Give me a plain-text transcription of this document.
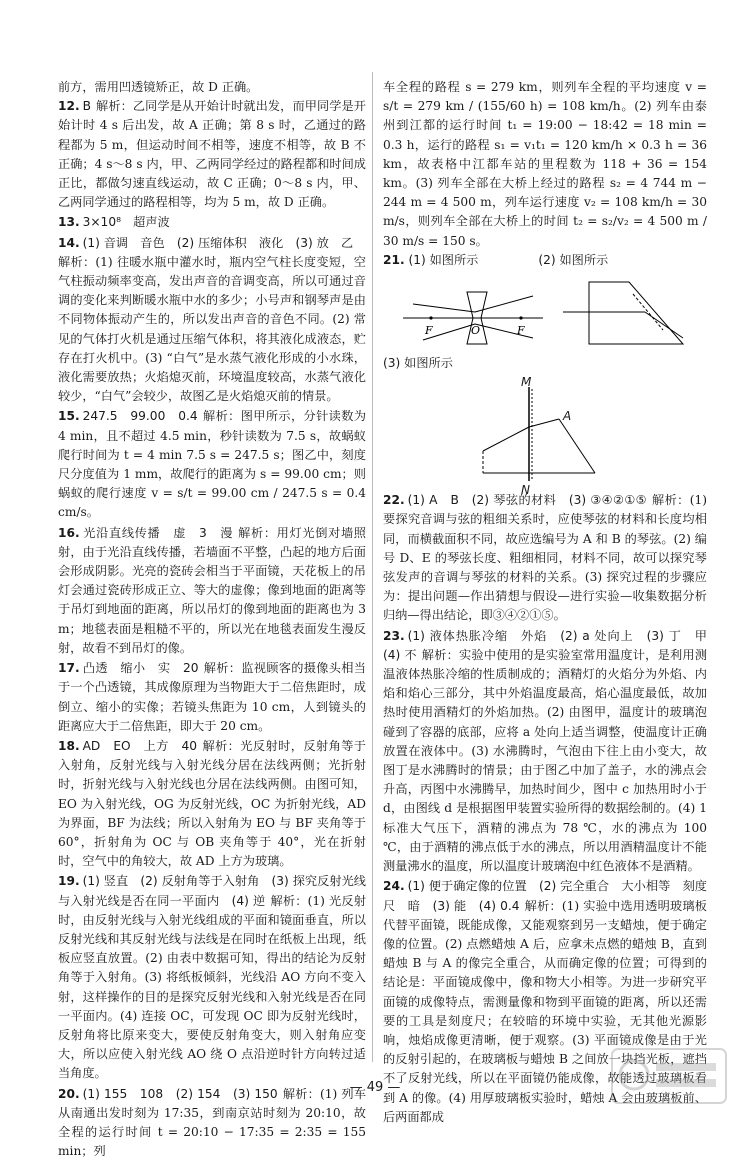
前方，需用凹透镜矫正，故 D 正确。

12. B 解析：乙同学是从开始计时就出发，而甲同学是开始计时 4 s 后出发，故 A 正确；第 8 s 时，乙通过的路程都为 5 m，但运动时间不相等，速度不相等，故 B 不正确；4 s～8 s 内，甲、乙两同学经过的路程都和时间成正比，都做匀速直线运动，故 C 正确；0～8 s 内，甲、乙两同学通过的路程相等，均为 5 m，故 D 正确。

13. 3×10⁸　超声波

14. (1) 音调　音色　(2) 压缩体积　液化　(3) 放　乙
解析：(1) 往暖水瓶中灌水时，瓶内空气柱长度变短，空气柱振动频率变高，发出声音的音调变高，所以可通过音调的变化来判断暖水瓶中水的多少；小号声和钢琴声是由不同物体振动产生的，所以发出声音的音色不同。(2) 常见的气体打火机是通过压缩气体积，将其液化成液态，贮存在打火机中。(3) “白气”是水蒸气液化形成的小水珠，液化需要放热；火焰熄灭前，环境温度较高，水蒸气液化较少，“白气”会较少，故图乙是火焰熄灭前的情景。

15. 247.5　99.00　0.4 解析：图甲所示，分针读数为 4 min，且不超过 4.5 min，秒针读数为 7.5 s，故蜗蚁爬行时间为 t = 4 min 7.5 s = 247.5 s；图乙中，刻度尺分度值为 1 mm，故爬行的距离为 s = 99.00 cm；则蜗蚁的爬行速度 v = s/t = 99.00 cm / 247.5 s = 0.4 cm/s。

16. 光沿直线传播　虚　3　漫 解析：用灯光倒对墙照射，由于光沿直线传播，若墙面不平整，凸起的地方后面会形成阴影。光亮的瓷砖会相当于平面镜，天花板上的吊灯会通过瓷砖形成正立、等大的虚像；像到地面的距离等于吊灯到地面的距离，所以吊灯的像到地面的距离也为 3 m；地毯表面是粗糙不平的，所以光在地毯表面发生漫反射，故看不到吊灯的像。

17. 凸透　缩小　实　20 解析：监视顾客的摄像头相当于一个凸透镜，其成像原理为当物距大于二倍焦距时，成倒立、缩小的实像；若镜头焦距为 10 cm，人到镜头的距离应大于二倍焦距，即大于 20 cm。

18. AD　EO　上方　40 解析：光反射时，反射角等于入射角，反射光线与入射光线分居在法线两侧；光折射时，折射光线与入射光线也分居在法线两侧。由图可知，EO 为入射光线，OG 为反射光线，OC 为折射光线，AD 为界面，BF 为法线；所以入射角为 EO 与 BF 夹角等于 60°，折射角为 OC 与 OB 夹角等于 40°，光在折射时，空气中的角较大，故 AD 上方为玻璃。

19. (1) 竖直　(2) 反射角等于入射角　(3) 探究反射光线与入射光线是否在同一平面内　(4) 逆 解析：(1) 光反射时，由反射光线与入射光线组成的平面和镜面垂直，所以反射光线和其反射光线与法线是在同时在纸板上出现，纸板应竖直放置。(2) 由表中数据可知，得出的结论为反射角等于入射角。(3) 将纸板倾斜，光线沿 AO 方向不变入射，这样操作的目的是探究反射光线和入射光线是否在同一平面内。(4) 连接 OC，可发现 OC 即为反射光线时，反射角将比原来变大，要使反射角变大，则入射角应变大，所以应使入射光线 AO 绕 O 点沿逆时针方向转过适当角度。

20. (1) 155　108　(2) 154　(3) 150 解析：(1) 列车从南通出发时刻为 17:35，到南京站时刻为 20:10，故全程的运行时间 t = 20:10 − 17:35 = 2:35 = 155 min；列

车全程的路程 s = 279 km，则列车全程的平均速度 v = s/t = 279 km / (155/60 h) = 108 km/h。(2) 列车由泰州到江都的运行时间 t₁ = 19:00 − 18:42 = 18 min = 0.3 h，运行的路程 s₁ = v₁t₁ = 120 km/h × 0.3 h = 36 km，故表格中江都车站的里程数为 118 + 36 = 154 km。(3) 列车全部在大桥上经过的路程 s₂ = 4 744 m − 244 m = 4 500 m，列车运行速度 v₂ = 108 km/h = 30 m/s，则列车全部在大桥上的时间 t₂ = s₂/v₂ = 4 500 m / 30 m/s = 150 s。

21. (1) 如图所示	(2) 如图所示
F	O	F
(3) 如图所示
M
N
A

22. (1) A　B　(2) 琴弦的材料　(3) ③④②①⑤ 解析：(1) 要探究音调与弦的粗细关系时，应使琴弦的材料和长度均相同，而横截面积不同，故应选编号为 A 和 B 的琴弦。(2) 编号 D、E 的琴弦长度、粗细相同，材料不同，故可以探究琴弦发声的音调与琴弦的材料的关系。(3) 探究过程的步骤应为：提出问题—作出猜想与假设—进行实验—收集数据分析归纳—得出结论，即③④②①⑤。

23. (1) 液体热胀冷缩　外焰　(2) a 处向上　(3) 丁　甲　(4) 不 解析：实验中使用的是实验室常用温度计，是利用测温液体热胀冷缩的性质制成的；酒精灯的火焰分为外焰、内焰和焰心三部分，其中外焰温度最高，焰心温度最低，故加热时使用酒精灯的外焰加热。(2) 由图甲，温度计的玻璃泡碰到了容器的底部，应将 a 处向上适当调整，使温度计正确放置在液体中。(3) 水沸腾时，气泡由下往上由小变大，故图丁是水沸腾时的情景；由于图乙中加了盖子，水的沸点会升高，丙图中水沸腾早，加热时间少，图中 c 加热用时小于 d，由图线 d 是根据图甲装置实验所得的数据绘制的。(4) 1 标准大气压下，酒精的沸点为 78 ℃，水的沸点为 100 ℃，由于酒精的沸点低于水的沸点，所以用酒精温度计不能测量沸水的温度，所以温度计玻璃泡中红色液体不是酒精。

24. (1) 便于确定像的位置　(2) 完全重合　大小相等　刻度尺　暗　(3) 能　(4) 0.4 解析：(1) 实验中选用透明玻璃板代替平面镜，既能成像，又能观察到另一支蜡烛，便于确定像的位置。(2) 点燃蜡烛 A 后，应拿未点燃的蜡烛 B，直到蜡烛 B 与 A 的像完全重合，从而确定像的位置；可得到的结论是：平面镜成像中，像和物大小相等。为进一步研究平面镜的成像特点，需测量像和物到平面镜的距离，所以还需要的工具是刻度尺；在较暗的环境中实验，无其他光源影响，烛焰成像更清晰，便于观察。(3) 平面镜成像是由于光的反射引起的，在玻璃板与蜡烛 B 之间放一块挡光板，遮挡不了反射光线，所以在平面镜仍能成像，故能透过玻璃板看到 A 的像。(4) 用厚玻璃板实验时，蜡烛 A 会由玻璃板前、后两面都成

— 49 —
